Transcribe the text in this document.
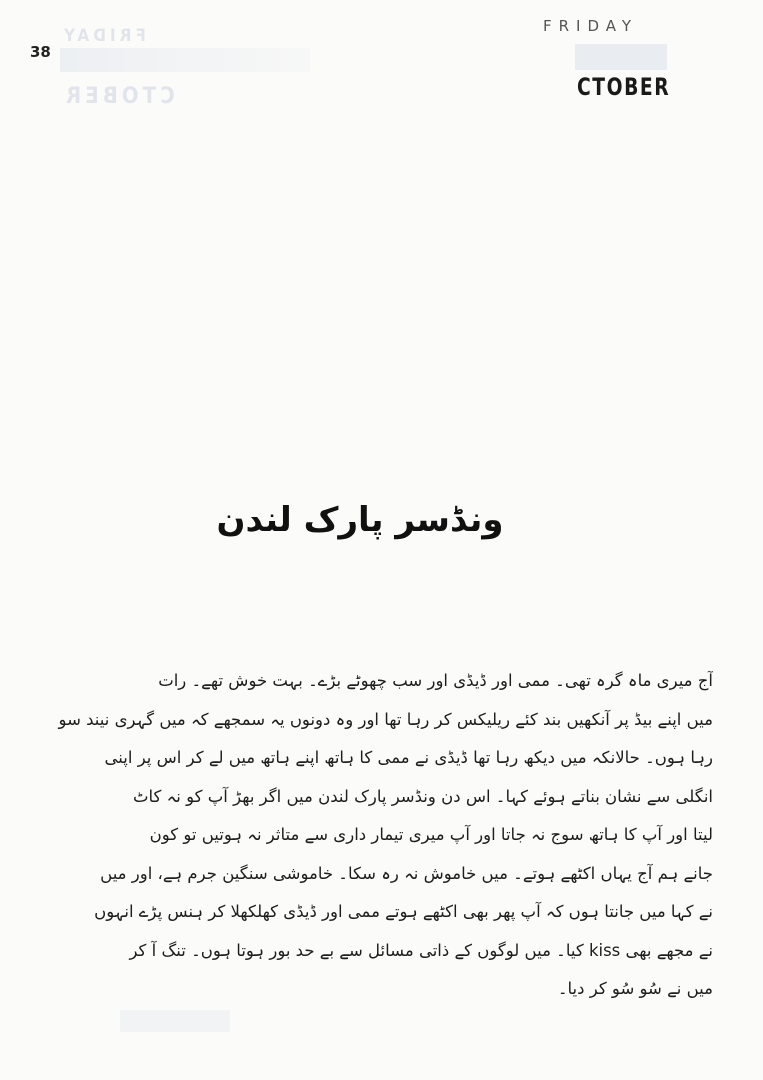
FRIDAY
CTOBER
38
FRIDAY
CTOBER
ونڈسر پارک لندن
آج میری ماہ گرہ تھی۔ ممی اور ڈیڈی اور سب چھوٹے بڑے۔ بہت خوش تھے۔ رات
میں اپنے بیڈ پر آنکھیں بند کئے ریلیکس کر رہا تھا اور وہ دونوں یہ سمجھے کہ میں گہری نیند سو
رہا ہوں۔ حالانکہ میں دیکھ رہا تھا ڈیڈی نے ممی کا ہاتھ اپنے ہاتھ میں لے کر اس پر اپنی
انگلی سے نشان بناتے ہوئے کہا۔ اس دن ونڈسر پارک لندن میں اگر بھڑ آپ کو نہ کاٹ
لیتا اور آپ کا ہاتھ سوج نہ جاتا اور آپ میری تیمار داری سے متاثر نہ ہوتیں تو کون
جانے ہم آج یہاں اکٹھے ہوتے۔ میں خاموش نہ رہ سکا۔ خاموشی سنگین جرم ہے، اور میں
نے کہا میں جانتا ہوں کہ آپ پھر بھی اکٹھے ہوتے ممی اور ڈیڈی کھلکھلا کر ہنس پڑے انہوں
نے مجھے بھی kiss کیا۔ میں لوگوں کے ذاتی مسائل سے بے حد بور ہوتا ہوں۔ تنگ آ کر
میں نے سُو سُو کر دیا۔
